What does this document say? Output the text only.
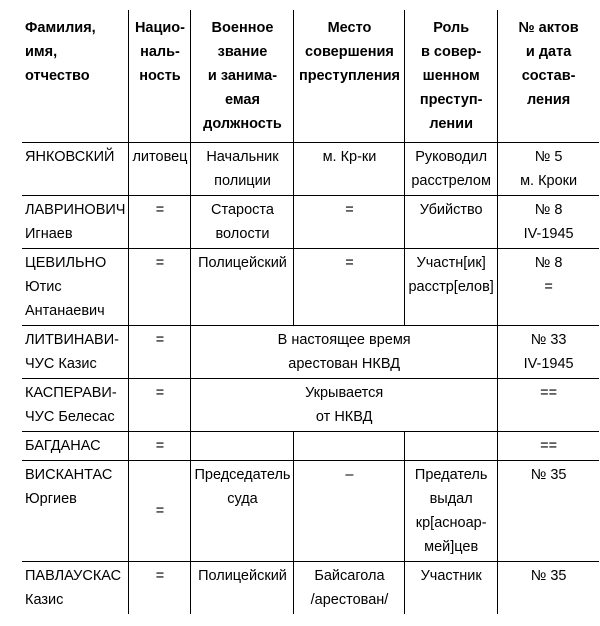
Фамилия,
имя,
отчество	Нацио-
наль-
ность	Военное
звание
и занима-
емая
должность	Место
совершения
преступления	Роль
в совер-
шенном
преступ-
лении	№ актов
и дата
состав-
ления
ЯНКОВСКИЙ	литовец	Начальник
полиции	м. Кр-ки	Руководил
расстрелом	№ 5
м. Кроки
ЛАВРИНОВИЧ
Игнаев	=	Староста
волости	=	Убийство	№ 8
IV-1945
ЦЕВИЛЬНО
Ютис
Антанаевич	=	Полицейский	=	Участн[ик]
расстр[елов]	№ 8
=
ЛИТВИНАВИ-
ЧУС Казис	=	В настоящее время
арестован НКВД			№ 33
IV-1945
КАСПЕРАВИ-
ЧУС Белесас	=	Укрывается
от НКВД			==
БАГДАНАС	=				==
ВИСКАНТАС
Юргиев	=	Председатель
суда	–	Предатель
выдал
кр[асноар-
мей]цев	№ 35
ПАВЛАУСКАС
Казис	=	Полицейский	Байсагола
/арестован/	Участник	№ 35
